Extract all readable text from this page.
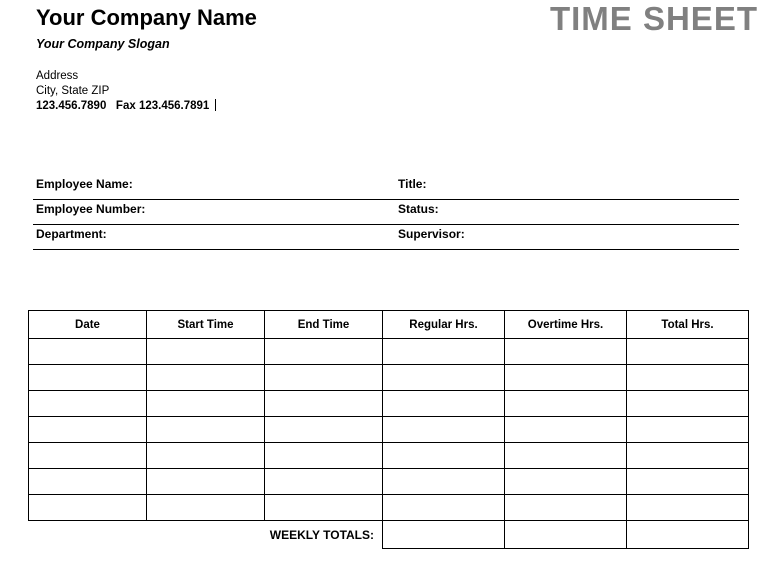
Your Company Name
Your Company Slogan
Address
City, State ZIP
123.456.7890   Fax 123.456.7891
TIME SHEET
Employee Name:	Title:
Employee Number:	Status:
Department:	Supervisor:
Date	Start Time	End Time	Regular Hrs.	Overtime Hrs.	Total Hrs.

		WEEKLY TOTALS:			
